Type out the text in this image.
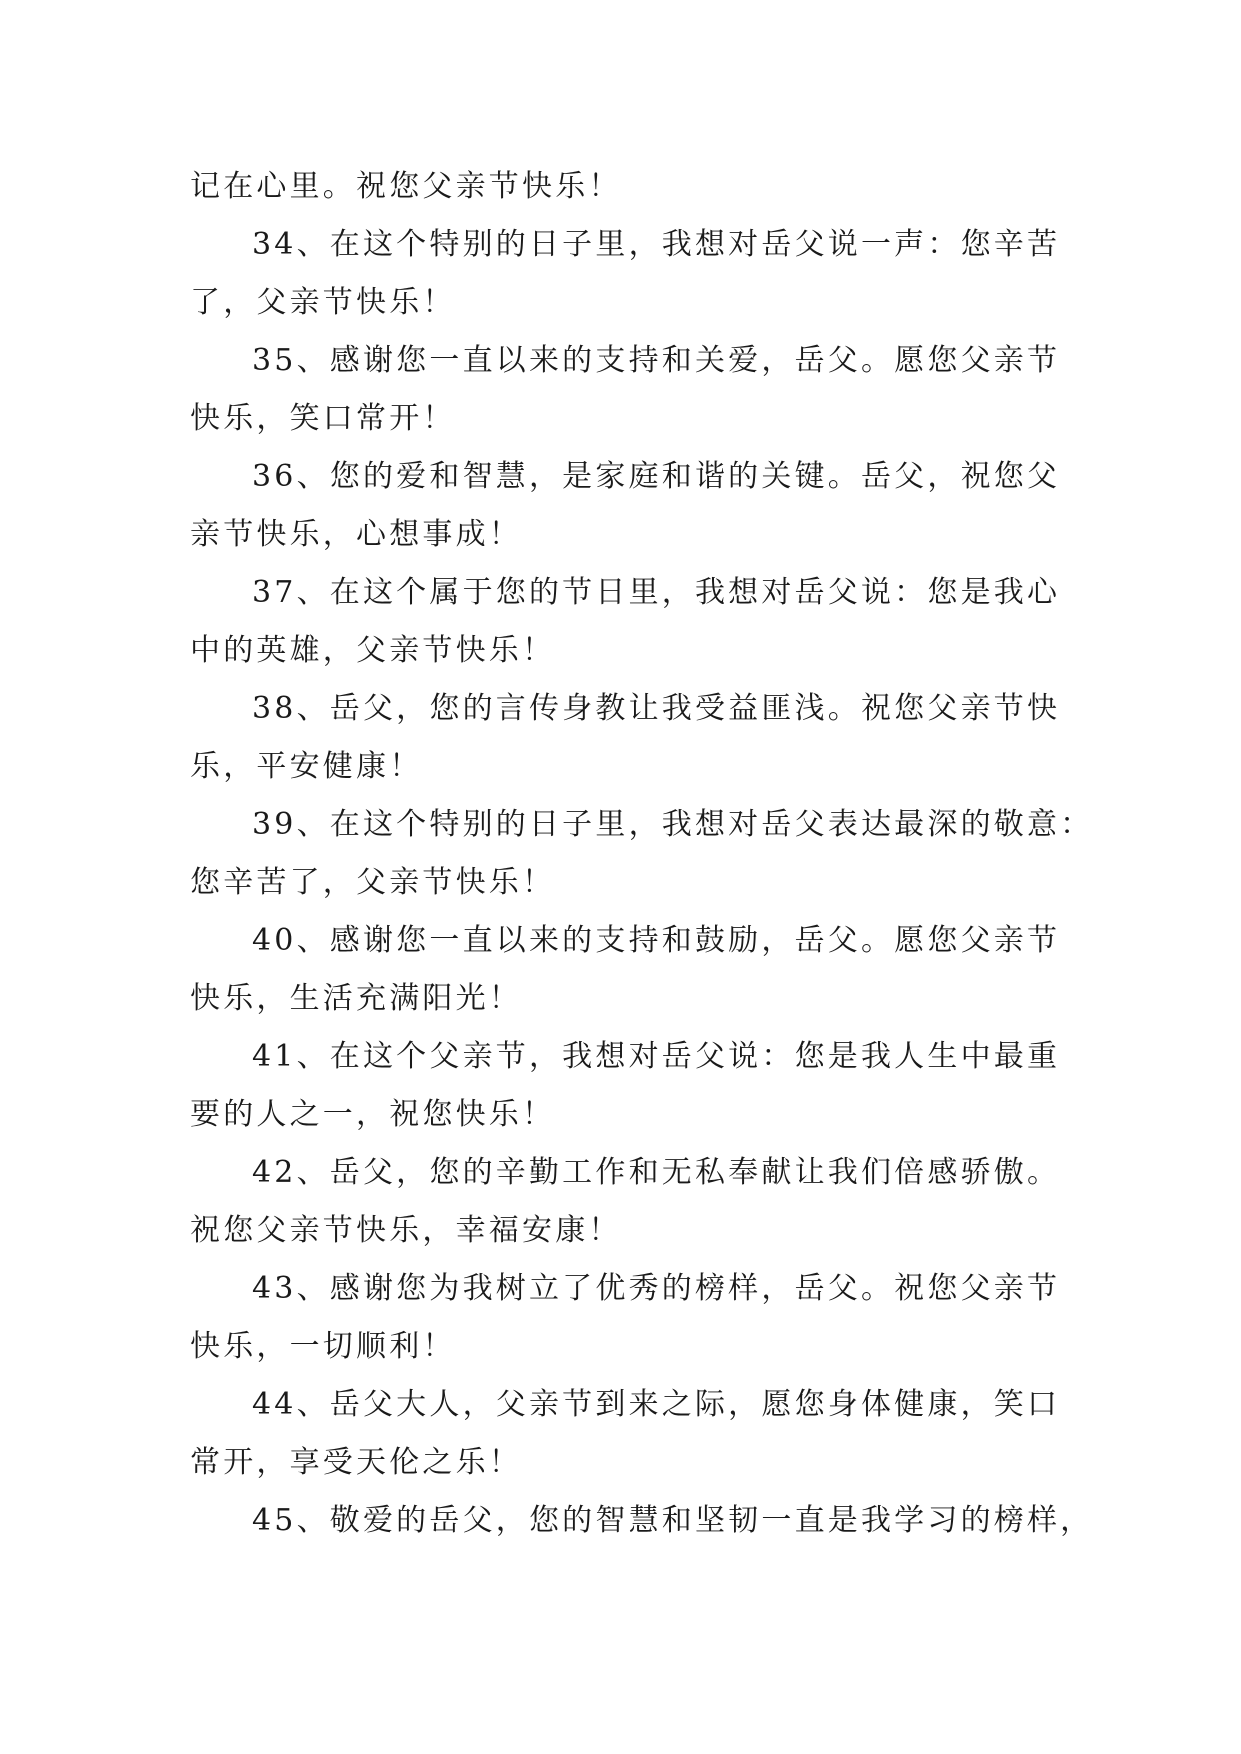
记在心里。祝您父亲节快乐！
34、在这个特别的日子里，我想对岳父说一声：您辛苦
了，父亲节快乐！
35、感谢您一直以来的支持和关爱，岳父。愿您父亲节
快乐，笑口常开！
36、您的爱和智慧，是家庭和谐的关键。岳父，祝您父
亲节快乐，心想事成！
37、在这个属于您的节日里，我想对岳父说：您是我心
中的英雄，父亲节快乐！
38、岳父，您的言传身教让我受益匪浅。祝您父亲节快
乐，平安健康！
39、在这个特别的日子里，我想对岳父表达最深的敬意：
您辛苦了，父亲节快乐！
40、感谢您一直以来的支持和鼓励，岳父。愿您父亲节
快乐，生活充满阳光！
41、在这个父亲节，我想对岳父说：您是我人生中最重
要的人之一，祝您快乐！
42、岳父，您的辛勤工作和无私奉献让我们倍感骄傲。
祝您父亲节快乐，幸福安康！
43、感谢您为我树立了优秀的榜样，岳父。祝您父亲节
快乐，一切顺利！
44、岳父大人，父亲节到来之际，愿您身体健康，笑口
常开，享受天伦之乐！
45、敬爱的岳父，您的智慧和坚韧一直是我学习的榜样，
